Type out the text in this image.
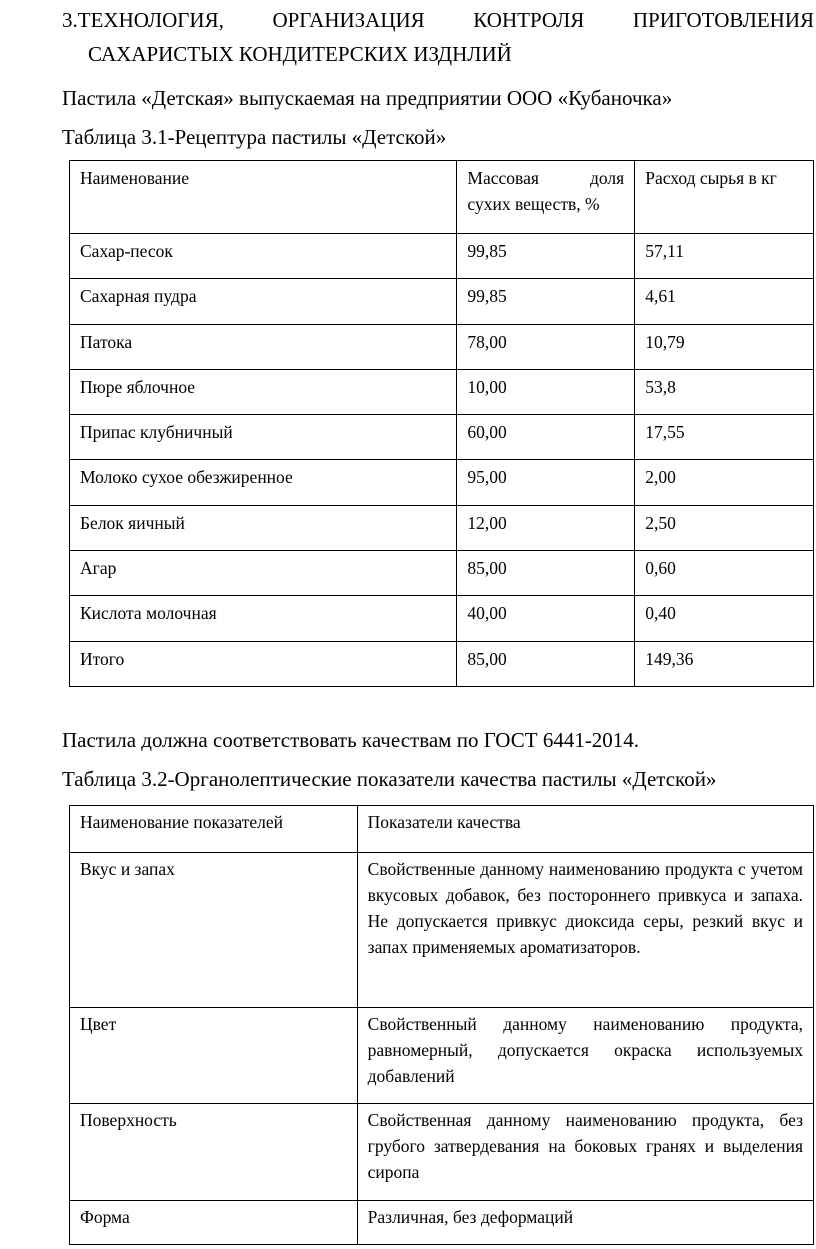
3.ТЕХНОЛОГИЯ, ОРГАНИЗАЦИЯ КОНТРОЛЯ ПРИГОТОВЛЕНИЯ
САХАРИСТЫХ КОНДИТЕРСКИХ ИЗДНЛИЙ

Пастила «Детская» выпускаемая на предприятии ООО «Кубаночка»

Таблица 3.1-Рецептура пастилы «Детской»

Наименование	Массовая доля сухих веществ, %	Расход сырья в кг
Сахар-песок	99,85	57,11
Сахарная пудра	99,85	4,61
Патока	78,00	10,79
Пюре яблочное	10,00	53,8
Припас клубничный	60,00	17,55
Молоко сухое обезжиренное	95,00	2,00
Белок яичный	12,00	2,50
Агар	85,00	0,60
Кислота молочная	40,00	0,40
Итого	85,00	149,36

Пастила должна соответствовать качествам по ГОСТ 6441-2014.

Таблица 3.2-Органолептические показатели качества пастилы «Детской»

Наименование показателей	Показатели качества
Вкус и запах	Свойственные данному наименованию продукта с учетом вкусовых добавок, без постороннего привкуса и запаха. Не допускается привкус диоксида серы, резкий вкус и запах применяемых ароматизаторов.
Цвет	Свойственный данному наименованию продукта, равномерный, допускается окраска используемых добавлений
Поверхность	Свойственная данному наименованию продукта, без грубого затвердевания на боковых гранях и выделения сиропа
Форма	Различная, без деформаций
